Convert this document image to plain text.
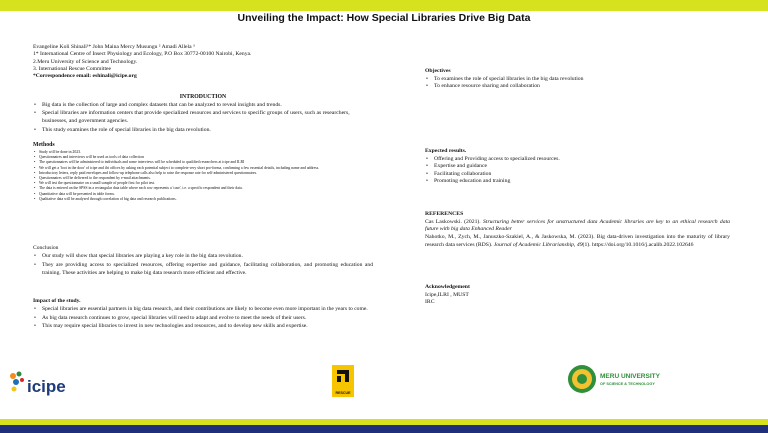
Unveiling the Impact: How Special Libraries Drive Big Data
Evangeline Koli Shinali¹* John Maina Mercy Musungu ² Amadi Allela ³
1* International Centre of Insect Physiology and Ecology, P.O Box 30772-00100 Nairobi, Kenya.
2.Meru University of Science and Technology.
3. International Rescue Committee
*Correspondence email: eshinali@icipe.org
INTRODUCTION
• Big data is the collection of large and complex datasets that can be analyzed to reveal insights and trends.
• Special libraries are information centers that provide specialized resources and services to specific groups of users, such as researchers, businesses, and government agencies.
• This study examines the role of special libraries in the big data revolution.
Methods
• Study will be done in 2023.
• Questionnaires and interviews will be used as tools of data collection
• The questionnaires will be administered to individuals and some interviews will be scheduled to qualified researchers at icipe and ILRI
• We will get a 'foot in the door' of icipe and ilri offices by asking each potential subject to complete very short pro-forma, confirming a few essential details, including name and address.
• Introductory letters, reply paid envelopes and follow-up telephone calls also help to raise the response rate for self-administered questionnaires.
• Questionnaires will be delivered to the respondent by e-mail attachments.
• We will test the questionnaire on a small sample of people first for pilot test.
• The data is entered on the SPSS in a rectangular data table where each row represents a 'case', i.e. a specific respondent and their data.
• Quantitative data will be presented in table forms.
• Qualitative data will be analysed through correlation of big data and research publications.
Conclusion
• Our study will show that special libraries are playing a key role in the big data revolution.
• They are providing access to specialized resources, offering expertise and guidance, facilitating collaboration, and promoting education and training. These activities are helping to make big data research more efficient and effective.
Impact of the study.
• Special libraries are essential partners in big data research, and their contributions are likely to become even more important in the years to come.
• As big data research continues to grow, special libraries will need to adapt and evolve to meet the needs of their users.
• This may require special libraries to invest in new technologies and resources, and to develop new skills and expertise.
Objectives
• To examines the role of special libraries in the big data revolution
• To enhance resource sharing and collaboration
Expected results.
• Offering and Providing access to specialized resources.
• Expertise and guidance
• Facilitating collaboration
• Promoting education and training
REFERENCES
Cas Laskowski. (2021). Structuring better services for unstructured data Academic libraries are key to an ethical research data future with big data Enhanced Reader
Nahotko, M., Zych, M., Januszko-Szakiel, A., & Jaskowska, M. (2023). Big data-driven investigation into the maturity of library research data services (RDS). Journal of Academic Librarianship, 49(1). https://doi.org/10.1016/j.acalib.2022.102646
Acknowledgement
Icipe,ILRI , MUST
IRC
icipe	RESCUE
MERU UNIVERSITY
OF SCIENCE & TECHNOLOGY
